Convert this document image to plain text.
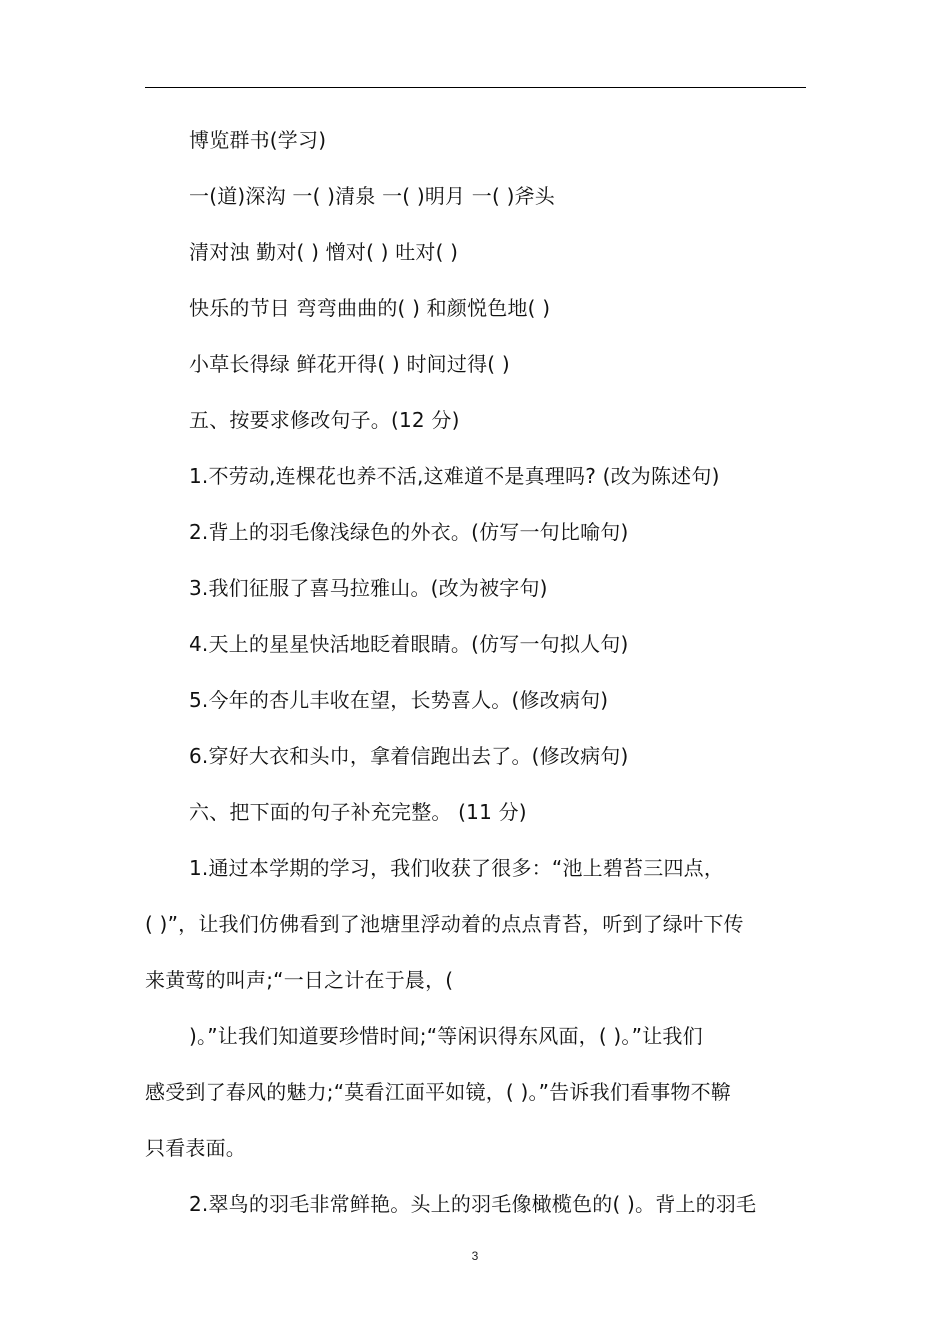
博览群书(学习)
一(道)深沟 一( )清泉 一( )明月 一( )斧头
清对浊 勤对( ) 憎对( ) 吐对( )
快乐的节日 弯弯曲曲的( ) 和颜悦色地( )
小草长得绿 鲜花开得( ) 时间过得( )
五、按要求修改句子。(12 分)
1.不劳动,连棵花也养不活,这难道不是真理吗? (改为陈述句)
2.背上的羽毛像浅绿色的外衣。(仿写一句比喻句)
3.我们征服了喜马拉雅山。(改为被字句)
4.天上的星星快活地眨着眼睛。(仿写一句拟人句)
5.今年的杏儿丰收在望，长势喜人。(修改病句)
6.穿好大衣和头巾，拿着信跑出去了。(修改病句)
六、把下面的句子补充完整。 (11 分)
1.通过本学期的学习，我们收获了很多：“池上碧苔三四点，
( )”，让我们仿佛看到了池塘里浮动着的点点青苔，听到了绿叶下传
来黄莺的叫声;“一日之计在于晨，(
)。”让我们知道要珍惜时间;“等闲识得东风面，( )。”让我们
感受到了春风的魅力;“莫看江面平如镜，( )。”告诉我们看事物不鞥
只看表面。
2.翠鸟的羽毛非常鲜艳。头上的羽毛像橄榄色的( )。背上的羽毛
3
